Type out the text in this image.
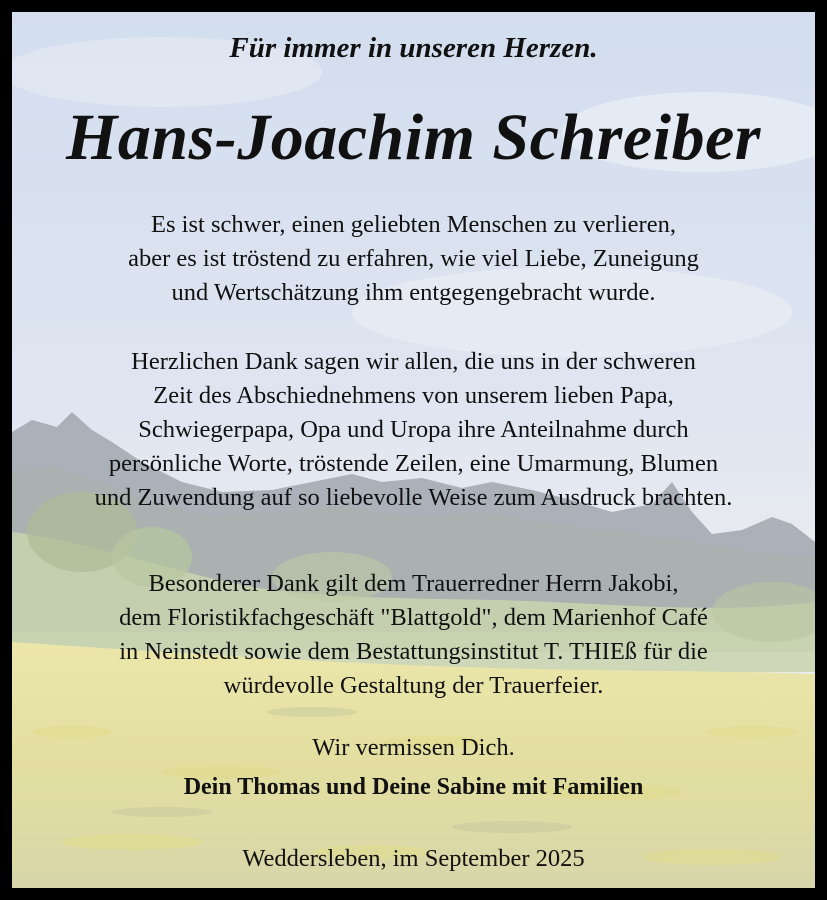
Für immer in unseren Herzen.
Hans-Joachim Schreiber
Es ist schwer, einen geliebten Menschen zu verlieren,
aber es ist tröstend zu erfahren, wie viel Liebe, Zuneigung
und Wertschätzung ihm entgegengebracht wurde.
Herzlichen Dank sagen wir allen, die uns in der schweren
Zeit des Abschiednehmens von unserem lieben Papa,
Schwiegerpapa, Opa und Uropa ihre Anteilnahme durch
persönliche Worte, tröstende Zeilen, eine Umarmung, Blumen
und Zuwendung auf so liebevolle Weise zum Ausdruck brachten.
Besonderer Dank gilt dem Trauerredner Herrn Jakobi,
dem Floristikfachgeschäft "Blattgold", dem Marienhof Café
in Neinstedt sowie dem Bestattungsinstitut T. THIEß für die
würdevolle Gestaltung der Trauerfeier.
Wir vermissen Dich.
Dein Thomas und Deine Sabine mit Familien
Weddersleben, im September 2025
